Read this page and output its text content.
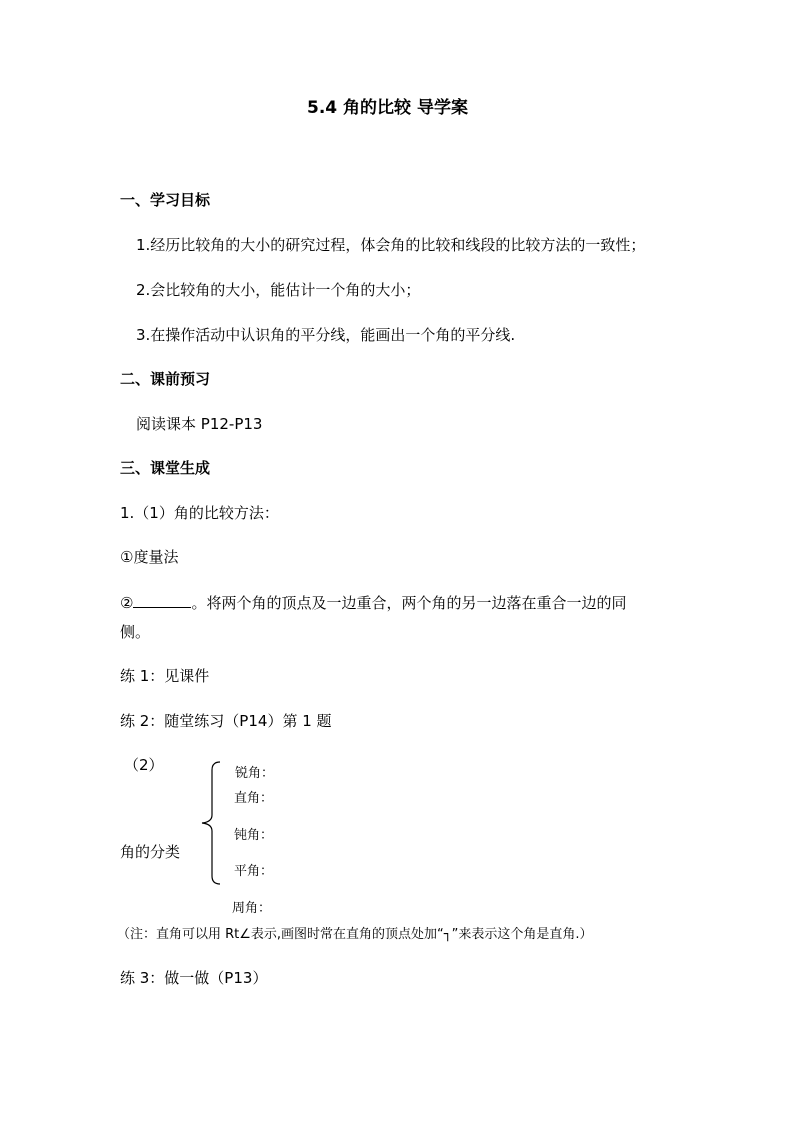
5.4 角的比较 导学案
一、学习目标
1.经历比较角的大小的研究过程，体会角的比较和线段的比较方法的一致性；
2.会比较角的大小，能估计一个角的大小；
3.在操作活动中认识角的平分线，能画出一个角的平分线.
二、课前预习
阅读课本 P12-P13
三、课堂生成
1.（1）角的比较方法：
①度量法
②	。将两个角的顶点及一边重合，两个角的另一边落在重合一边的同
侧。
练 1：见课件
练 2：随堂练习（P14）第 1 题
（2）
角的分类
锐角：
直角：
钝角：
平角：
周角：
（注：直角可以用 Rt∠表示,画图时常在直角的顶点处加“┐”来表示这个角是直角.）
练 3：做一做（P13）
